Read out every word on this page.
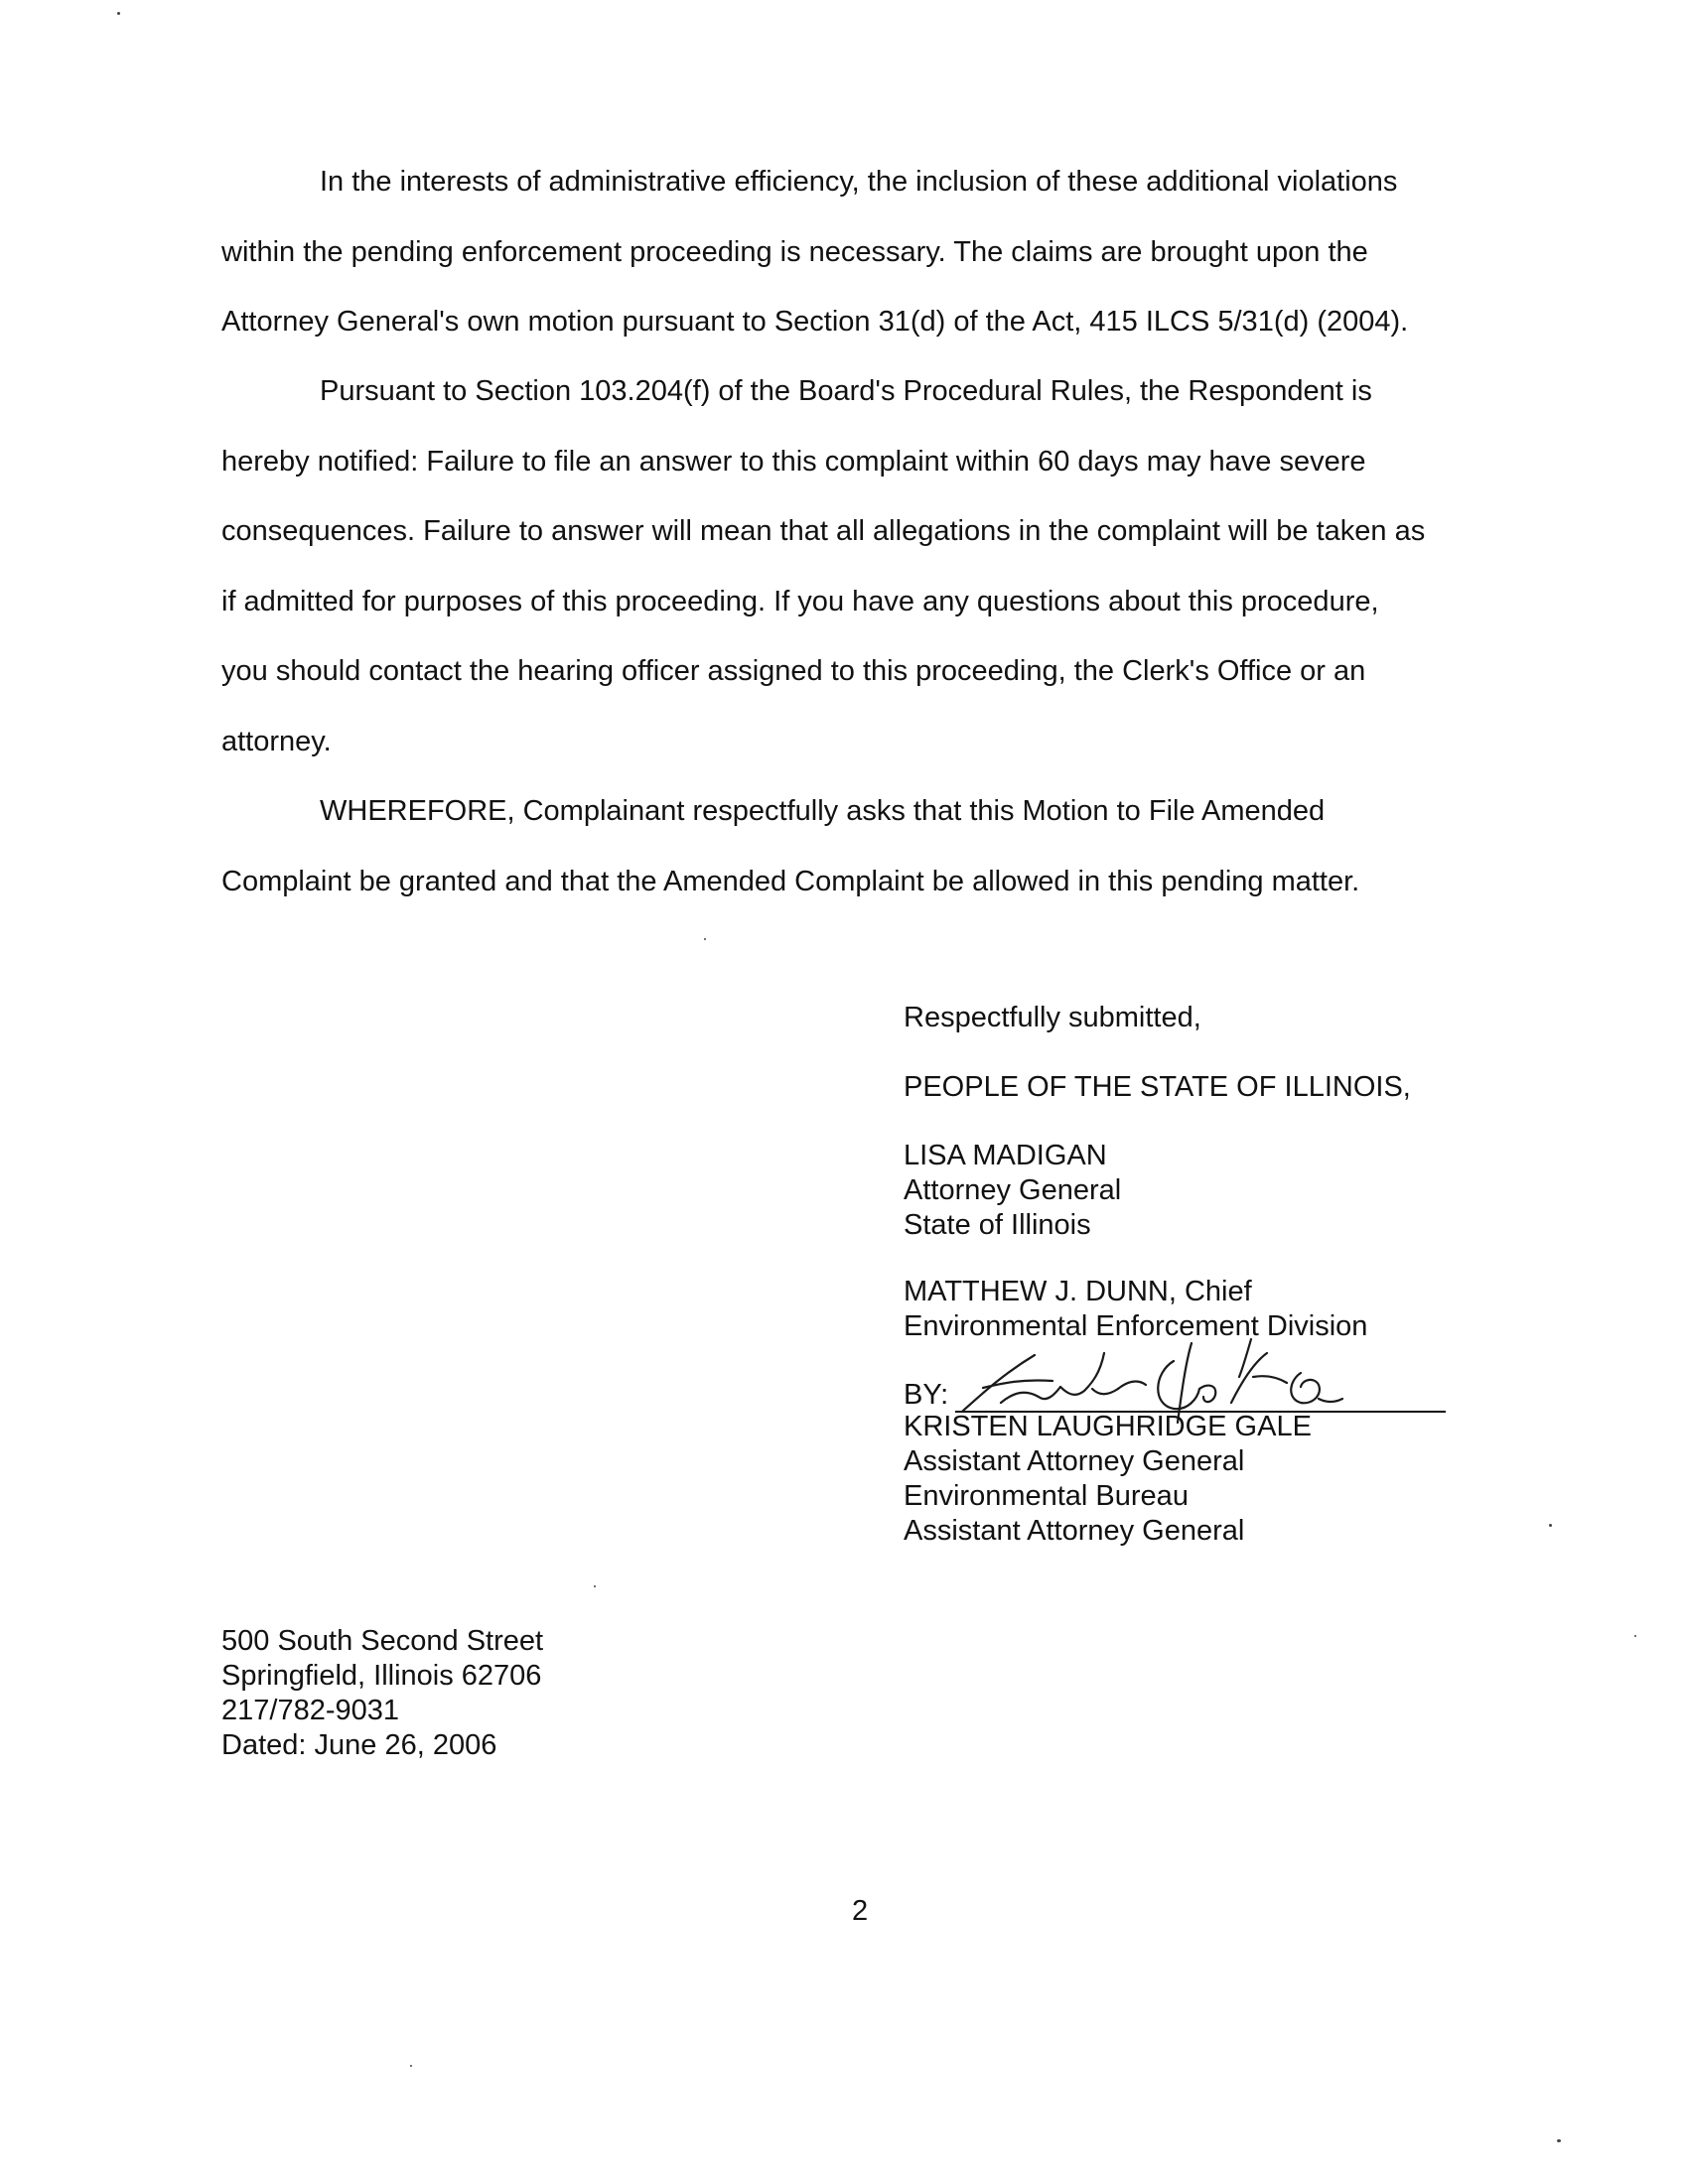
In the interests of administrative efficiency, the inclusion of these additional violations
within the pending enforcement proceeding is necessary. The claims are brought upon the
Attorney General's own motion pursuant to Section 31(d) of the Act, 415 ILCS 5/31(d) (2004).
Pursuant to Section 103.204(f) of the Board's Procedural Rules, the Respondent is
hereby notified: Failure to file an answer to this complaint within 60 days may have severe
consequences. Failure to answer will mean that all allegations in the complaint will be taken as
if admitted for purposes of this proceeding. If you have any questions about this procedure,
you should contact the hearing officer assigned to this proceeding, the Clerk's Office or an
attorney.
WHEREFORE, Complainant respectfully asks that this Motion to File Amended
Complaint be granted and that the Amended Complaint be allowed in this pending matter.
Respectfully submitted,
PEOPLE OF THE STATE OF ILLINOIS,
LISA MADIGAN
Attorney General
State of Illinois
MATTHEW J. DUNN, Chief
Environmental Enforcement Division
BY:
KRISTEN LAUGHRIDGE GALE
Assistant Attorney General
Environmental Bureau
Assistant Attorney General
500 South Second Street
Springfield, Illinois 62706
217/782-9031
Dated: June 26, 2006
2
